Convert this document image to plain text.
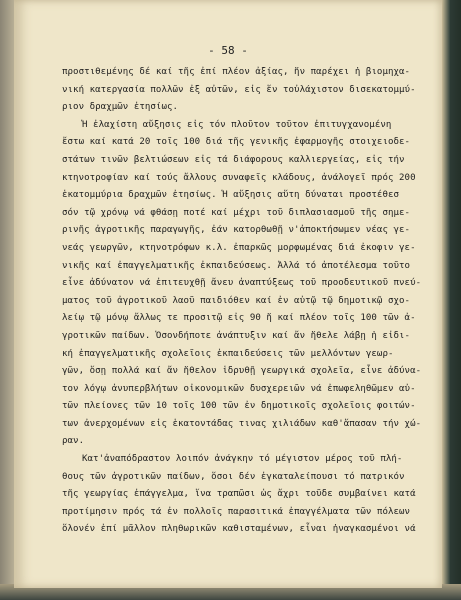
- 58 -
προστιθεμένης δέ καί τῆς ἐπί πλέον ἀξίας, ἥν παρέχει ἡ βιομηχα-
νική κατεργασία πολλῶν ἐξ αὐτῶν, εἰς ἕν τοὐλάχιστον δισεκατομμύ-
ριον δραχμῶν ἐτησίως.
Ἡ ἐλαχίστη αὔξησις εἰς τόν πλοῦτον τοῦτον ἐπιτυγχανομένη
ἔστω καί κατά 20 τοῖς 100 διά τῆς γενικῆς ἐφαρμογῆς στοιχειοδε-
στάτων τινῶν βελτιώσεων εἰς τά διάφορους καλλιεργείας, εἰς τήν
κτηνοτροφίαν καί τούς ἄλλους συναφεῖς κλάδους, ἀνάλογεῖ πρός 200
ἑκατομμύρια δραχμῶν ἐτησίως. Ἡ αὔξησις αὕτη δύναται προστέθεσ
σόν τῷ χρόνῳ νά φθάσῃ ποτέ καί μέχρι τοῦ διπλασιασμοῦ τῆς σημε-
ρινῆς ἀγροτικῆς παραγωγῆς, ἐάν κατορθωθῇ ν'ἀποκτήσωμεν νέας γε-
νεάς γεωργῶν, κτηνοτρόφων κ.λ. ἐπαρκῶς μορφωμένας διά ἐκοφιν γε-
νικῆς καί ἐπαγγελματικῆς ἐκπαιδεύσεως. Ἀλλά τό ἀποτέλεσμα τοῦτο
εἶνε ἀδύνατον νά ἐπιτευχθῇ ἄνευ ἀναπτύξεως τοῦ προοδευτικοῦ πνεύ-
ματος τοῦ ἀγροτικοῦ λαοῦ παιδιόθεν καί ἐν αὐτῷ τῷ δημοτικῷ σχο-
λείῳ τῷ μόνῳ ἄλλως τε προσιτῷ εἰς 90 ἤ καί πλέον τοῖς 100 τῶν ἀ-
γροτικῶν παίδων. Ὁσονδήποτε ἀνάπτυξιν καί ἄν ἤθελε λάβῃ ἡ εἰδι-
κή ἐπαγγελματικῆς σχολεῖοις ἐκπαιδεύσεις τῶν μελλόντων γεωρ-
γῶν, ὅσῃ πολλά καί ἄν ἤθελον ἱδρυθῇ γεωργικά σχολεῖα, εἶνε ἀδύνα-
τον λόγῳ ἀνυπερβλήτων οἰκονομικῶν δυσχερειῶν νά ἐπωφεληθῶμεν αὐ-
τῶν πλείονες τῶν 10 τοῖς 100 τῶν ἐν δημοτικοῖς σχολεῖοις φοιτών-
των ἀνερχομένων εἰς ἑκατοντάδας τινας χιλιάδων καθ'ἅπασαν τήν χώ-
ραν.
Κατ'ἀναπόδραστον λοιπόν ἀνάγκην τό μέγιστον μέρος τοῦ πλή-
θους τῶν ἀγροτικῶν παίδων, ὅσοι δέν ἐγκαταλείπουσι τό πατρικόν
τῆς γεωργίας ἐπάγγελμα, ἵνα τραπῶσι ὡς ἄχρι τοῦδε συμβαίνει κατά
προτίμησιν πρός τά ἐν πολλοῖς παρασιτικά ἐπαγγέλματα τῶν πόλεων
ὅλονέν ἐπί μᾶλλον πληθωρικῶν καθισταμένων, εἶναι ἠναγκασμένοι νά
